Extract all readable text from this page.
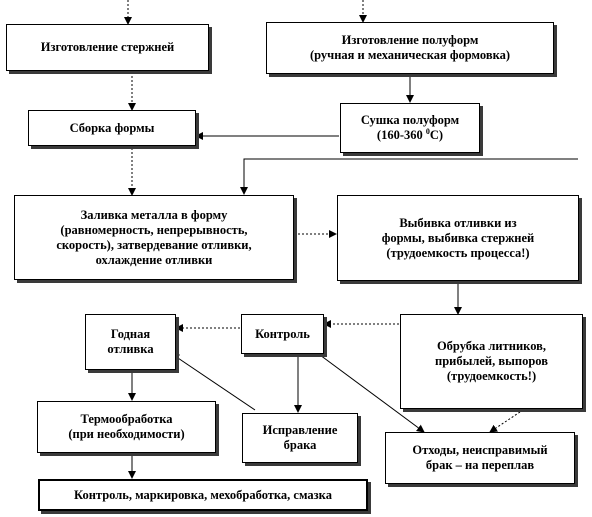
Изготовление стержней	Изготовление полуформ
(ручная и механическая формовка)
Сушка полуформ
(160-360 $^0$С)
Сборка формы
Заливка металла в форму
(равномерность, непрерывность,
скорость), затвердевание отливки,
охлаждение отливки
Выбивка отливки из
формы, выбивка стержней
(трудоемкость процесса!)
Годная
отливка
Контроль
Обрубка литников,
прибылей, выпоров
(трудоемкость!)
Термообработка
(при необходимости)	Исправление
брака	Отходы, неисправимый
брак – на переплав
Контроль, маркировка, мехобработка, смазка
